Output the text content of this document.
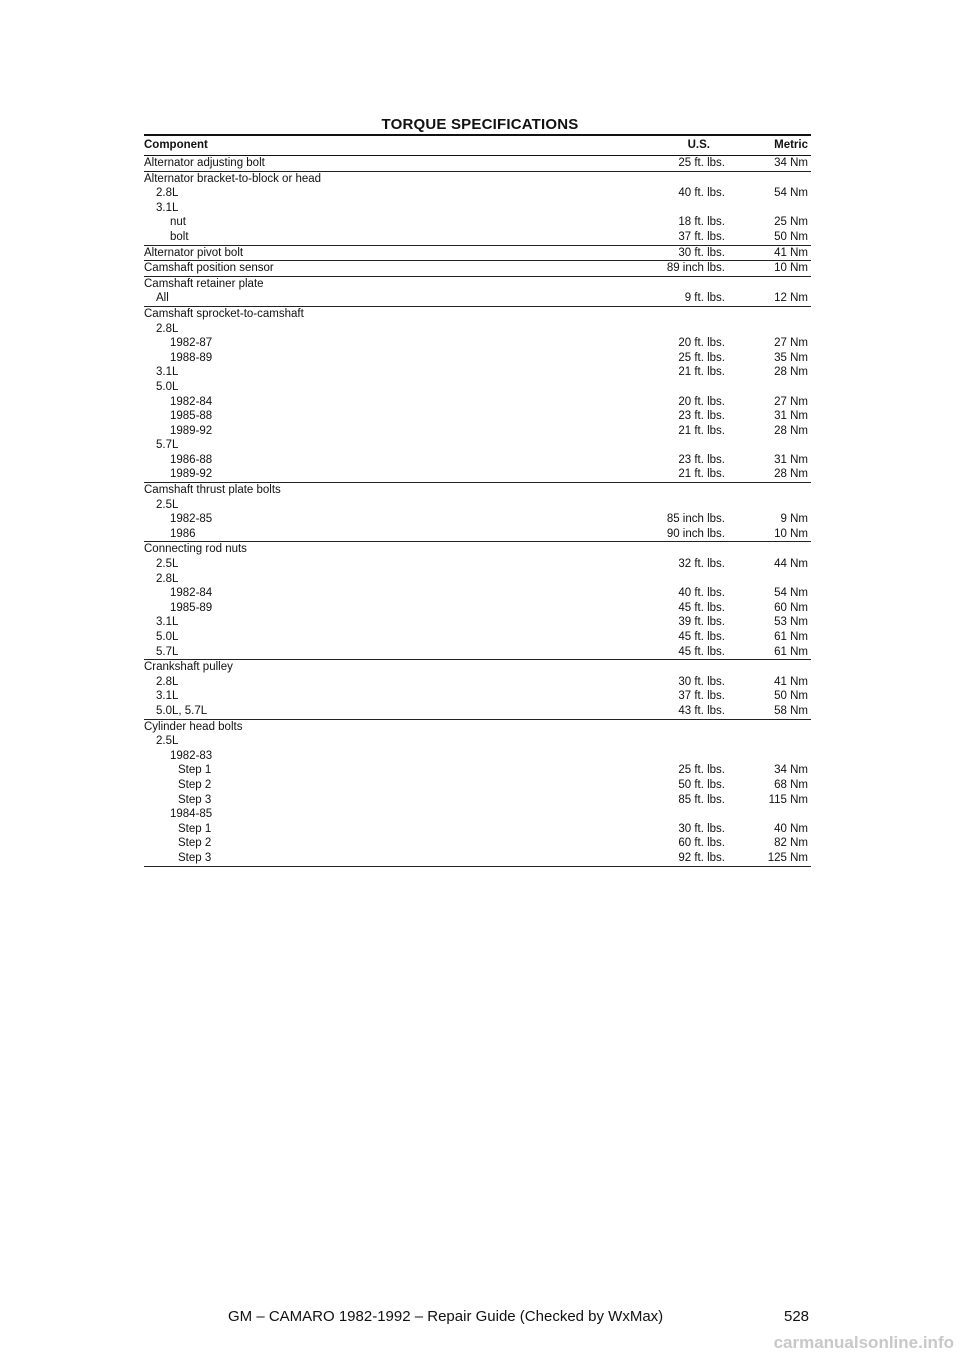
TORQUE SPECIFICATIONS
Component	U.S.	Metric
Alternator adjusting bolt	25 ft. lbs.	34 Nm
Alternator bracket-to-block or head
2.8L	40 ft. lbs.	54 Nm
3.1L
nut	18 ft. lbs.	25 Nm
bolt	37 ft. lbs.	50 Nm
Alternator pivot bolt	30 ft. lbs.	41 Nm
Camshaft position sensor	89 inch lbs.	10 Nm
Camshaft retainer plate
All	9 ft. lbs.	12 Nm
Camshaft sprocket-to-camshaft
2.8L
1982-87	20 ft. lbs.	27 Nm
1988-89	25 ft. lbs.	35 Nm
3.1L	21 ft. lbs.	28 Nm
5.0L
1982-84	20 ft. lbs.	27 Nm
1985-88	23 ft. lbs.	31 Nm
1989-92	21 ft. lbs.	28 Nm
5.7L
1986-88	23 ft. lbs.	31 Nm
1989-92	21 ft. lbs.	28 Nm
Camshaft thrust plate bolts
2.5L
1982-85	85 inch lbs.	9 Nm
1986	90 inch lbs.	10 Nm
Connecting rod nuts
2.5L	32 ft. lbs.	44 Nm
2.8L
1982-84	40 ft. lbs.	54 Nm
1985-89	45 ft. lbs.	60 Nm
3.1L	39 ft. lbs.	53 Nm
5.0L	45 ft. lbs.	61 Nm
5.7L	45 ft. lbs.	61 Nm
Crankshaft pulley
2.8L	30 ft. lbs.	41 Nm
3.1L	37 ft. lbs.	50 Nm
5.0L, 5.7L	43 ft. lbs.	58 Nm
Cylinder head bolts
2.5L
1982-83
Step 1	25 ft. lbs.	34 Nm
Step 2	50 ft. lbs.	68 Nm
Step 3	85 ft. lbs.	115 Nm
1984-85
Step 1	30 ft. lbs.	40 Nm
Step 2	60 ft. lbs.	82 Nm
Step 3	92 ft. lbs.	125 Nm
GM – CAMARO 1982-1992 – Repair Guide (Checked by WxMax)	528
carmanualsonline.info
